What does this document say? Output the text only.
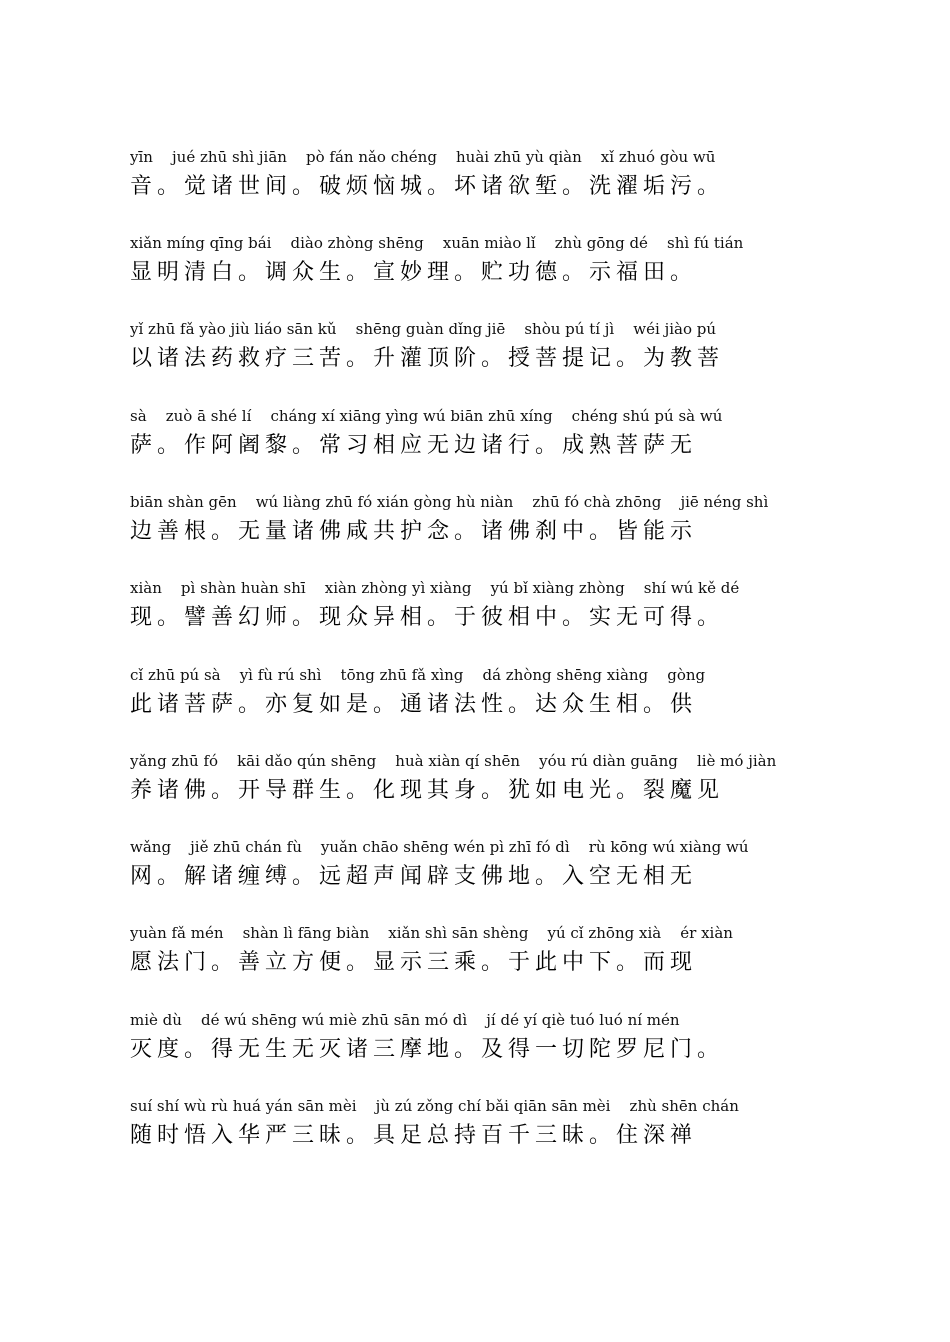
yīn    jué zhū shì jiān    pò fán nǎo chéng    huài zhū yù qiàn    xǐ zhuó gòu wū
音。觉诸世间。破烦恼城。坏诸欲堑。洗濯垢污。
xiǎn míng qīng bái    diào zhòng shēng    xuān miào lǐ    zhù gōng dé    shì fú tián
显明清白。调众生。宣妙理。贮功德。示福田。
yǐ zhū fǎ yào jiù liáo sān kǔ    shēng guàn dǐng jiē    shòu pú tí jì    wéi jiào pú
以诸法药救疗三苦。升灌顶阶。授菩提记。为教菩
sà    zuò ā shé lí    cháng xí xiāng yìng wú biān zhū xíng    chéng shú pú sà wú
萨。作阿阇黎。常习相应无边诸行。成熟菩萨无
biān shàn gēn    wú liàng zhū fó xián gòng hù niàn    zhū fó chà zhōng    jiē néng shì
边善根。无量诸佛咸共护念。诸佛刹中。皆能示
xiàn    pì shàn huàn shī    xiàn zhòng yì xiàng    yú bǐ xiàng zhòng    shí wú kě dé
现。譬善幻师。现众异相。于彼相中。实无可得。
cǐ zhū pú sà    yì fù rú shì    tōng zhū fǎ xìng    dá zhòng shēng xiàng    gòng
此诸菩萨。亦复如是。通诸法性。达众生相。供
yǎng zhū fó    kāi dǎo qún shēng    huà xiàn qí shēn    yóu rú diàn guāng    liè mó jiàn
养诸佛。开导群生。化现其身。犹如电光。裂魔见
wǎng    jiě zhū chán fù    yuǎn chāo shēng wén pì zhī fó dì    rù kōng wú xiàng wú
网。解诸缠缚。远超声闻辟支佛地。入空无相无
yuàn fǎ mén    shàn lì fāng biàn    xiǎn shì sān shèng    yú cǐ zhōng xià    ér xiàn
愿法门。善立方便。显示三乘。于此中下。而现
miè dù    dé wú shēng wú miè zhū sān mó dì    jí dé yí qiè tuó luó ní mén
灭度。得无生无灭诸三摩地。及得一切陀罗尼门。
suí shí wù rù huá yán sān mèi    jù zú zǒng chí bǎi qiān sān mèi    zhù shēn chán
随时悟入华严三昧。具足总持百千三昧。住深禅
